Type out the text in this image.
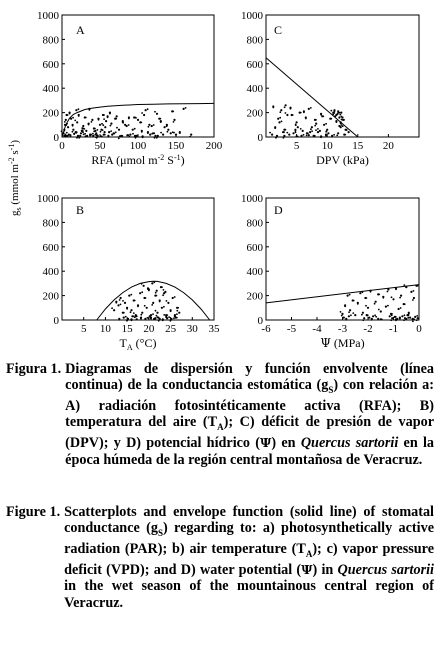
A
0
200
400
600
800
1000
0	50 100 150 200
RFA (μmol $m^{-2}$ $S^{-1}$)
C
0
200
400
600
800
1000
5 10 15 20
DPV (kPa)
B
0
200
400
600
800
1000
5 10 15 20 25 30 35
$T_A$ (°C)
D
0
200
400
600
800
1000
-6 -5 -4 -3 -2 -1 0
Ψ (MPa)
$g_s$ (mmol $m^{-2}$ $s^{-1}$)
Figura 1. Diagramas de dispersión y función envolvente (línea continua) de la conductancia estomática $(g_S)$ con relación a: A) radiación fotosintéticamente activa (RFA); B) temperatura del aire $(T_A)$; C) déficit de presión de vapor (DPV); y D) potencial hídrico (Ψ) en Quercus sartorii en la época húmeda de la región central montañosa de Veracruz.
Figure 1. Scatterplots and envelope function (solid line) of stomatal conductance $(g_S)$ regarding to: a) photosynthetically active radiation (PAR); b) air temperature $(T_A)$; c) vapor pressure deficit (VPD); and D) water potential (Ψ) in Quercus sartorii in the wet season of the mountainous central region of Veracruz.
